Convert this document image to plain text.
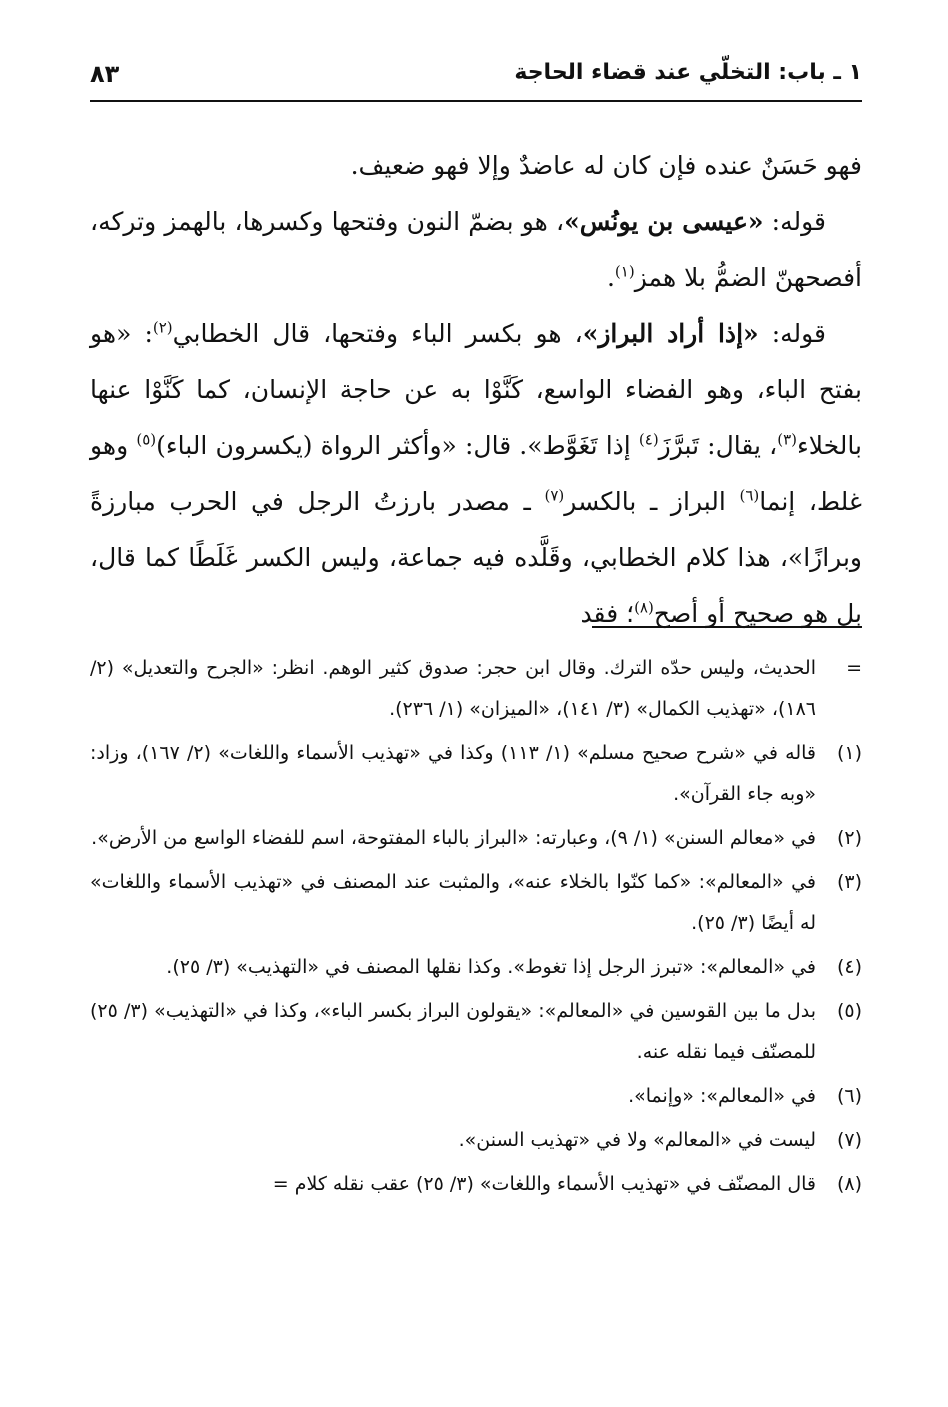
٨٣	١ ـ باب: التخلّي عند قضاء الحاجة

فهو حَسَنٌ عنده فإن كان له عاضدٌ وإلا فهو ضعيف.

قوله: «عيسى بن يونُس»، هو بضمّ النون وفتحها وكسرها، بالهمز وتركه، أفصحهنّ الضمُّ بلا همز$^{(١)}$.

قوله: «إذا أراد البراز»، هو بكسر الباء وفتحها، قال الخطابي$^{(٢)}$: «هو بفتح الباء، وهو الفضاء الواسع، كَنَّوْا به عن حاجة الإنسان، كما كَنَّوْا عنها بالخلاء$^{(٣)}$، يقال: تَبرَّزَ$^{(٤)}$ إذا تَغَوَّط». قال: «وأكثر الرواة (يكسرون الباء)$^{(٥)}$ وهو غلط، إنما$^{(٦)}$ البراز ـ بالكسر$^{(٧)}$ ـ مصدر بارزتُ الرجل في الحرب مبارزةً وبرازًا»، هذا كلام الخطابي، وقَلَّده فيه جماعة، وليس الكسر غَلَطًا كما قال، بل هو صحيح أو أصح$^{(٨)}$؛ فقد

=
الحديث، وليس حدّه الترك. وقال ابن حجر: صدوق كثير الوهم. انظر: «الجرح والتعديل» (٢/ ١٨٦)، «تهذيب الكمال» (٣/ ١٤١)، «الميزان» (١/ ٢٣٦).
(١)
قاله في «شرح صحيح مسلم» (١/ ١١٣) وكذا في «تهذيب الأسماء واللغات» (٢/ ١٦٧)، وزاد: «وبه جاء القرآن».
(٢)
في «معالم السنن» (١/ ٩)، وعبارته: «البراز بالباء المفتوحة، اسم للفضاء الواسع من الأرض».
(٣)
في «المعالم»: «كما كنّوا بالخلاء عنه»، والمثبت عند المصنف في «تهذيب الأسماء واللغات» له أيضًا (٣/ ٢٥).
(٤)
في «المعالم»: «تبرز الرجل إذا تغوط». وكذا نقلها المصنف في «التهذيب» (٣/ ٢٥).
(٥)
بدل ما بين القوسين في «المعالم»: «يقولون البراز بكسر الباء»، وكذا في «التهذيب» (٣/ ٢٥) للمصنّف فيما نقله عنه.
(٦)
في «المعالم»: «وإنما».
(٧)
ليست في «المعالم» ولا في «تهذيب السنن».
(٨)
قال المصنّف في «تهذيب الأسماء واللغات» (٣/ ٢٥) عقب نقله كلام =
